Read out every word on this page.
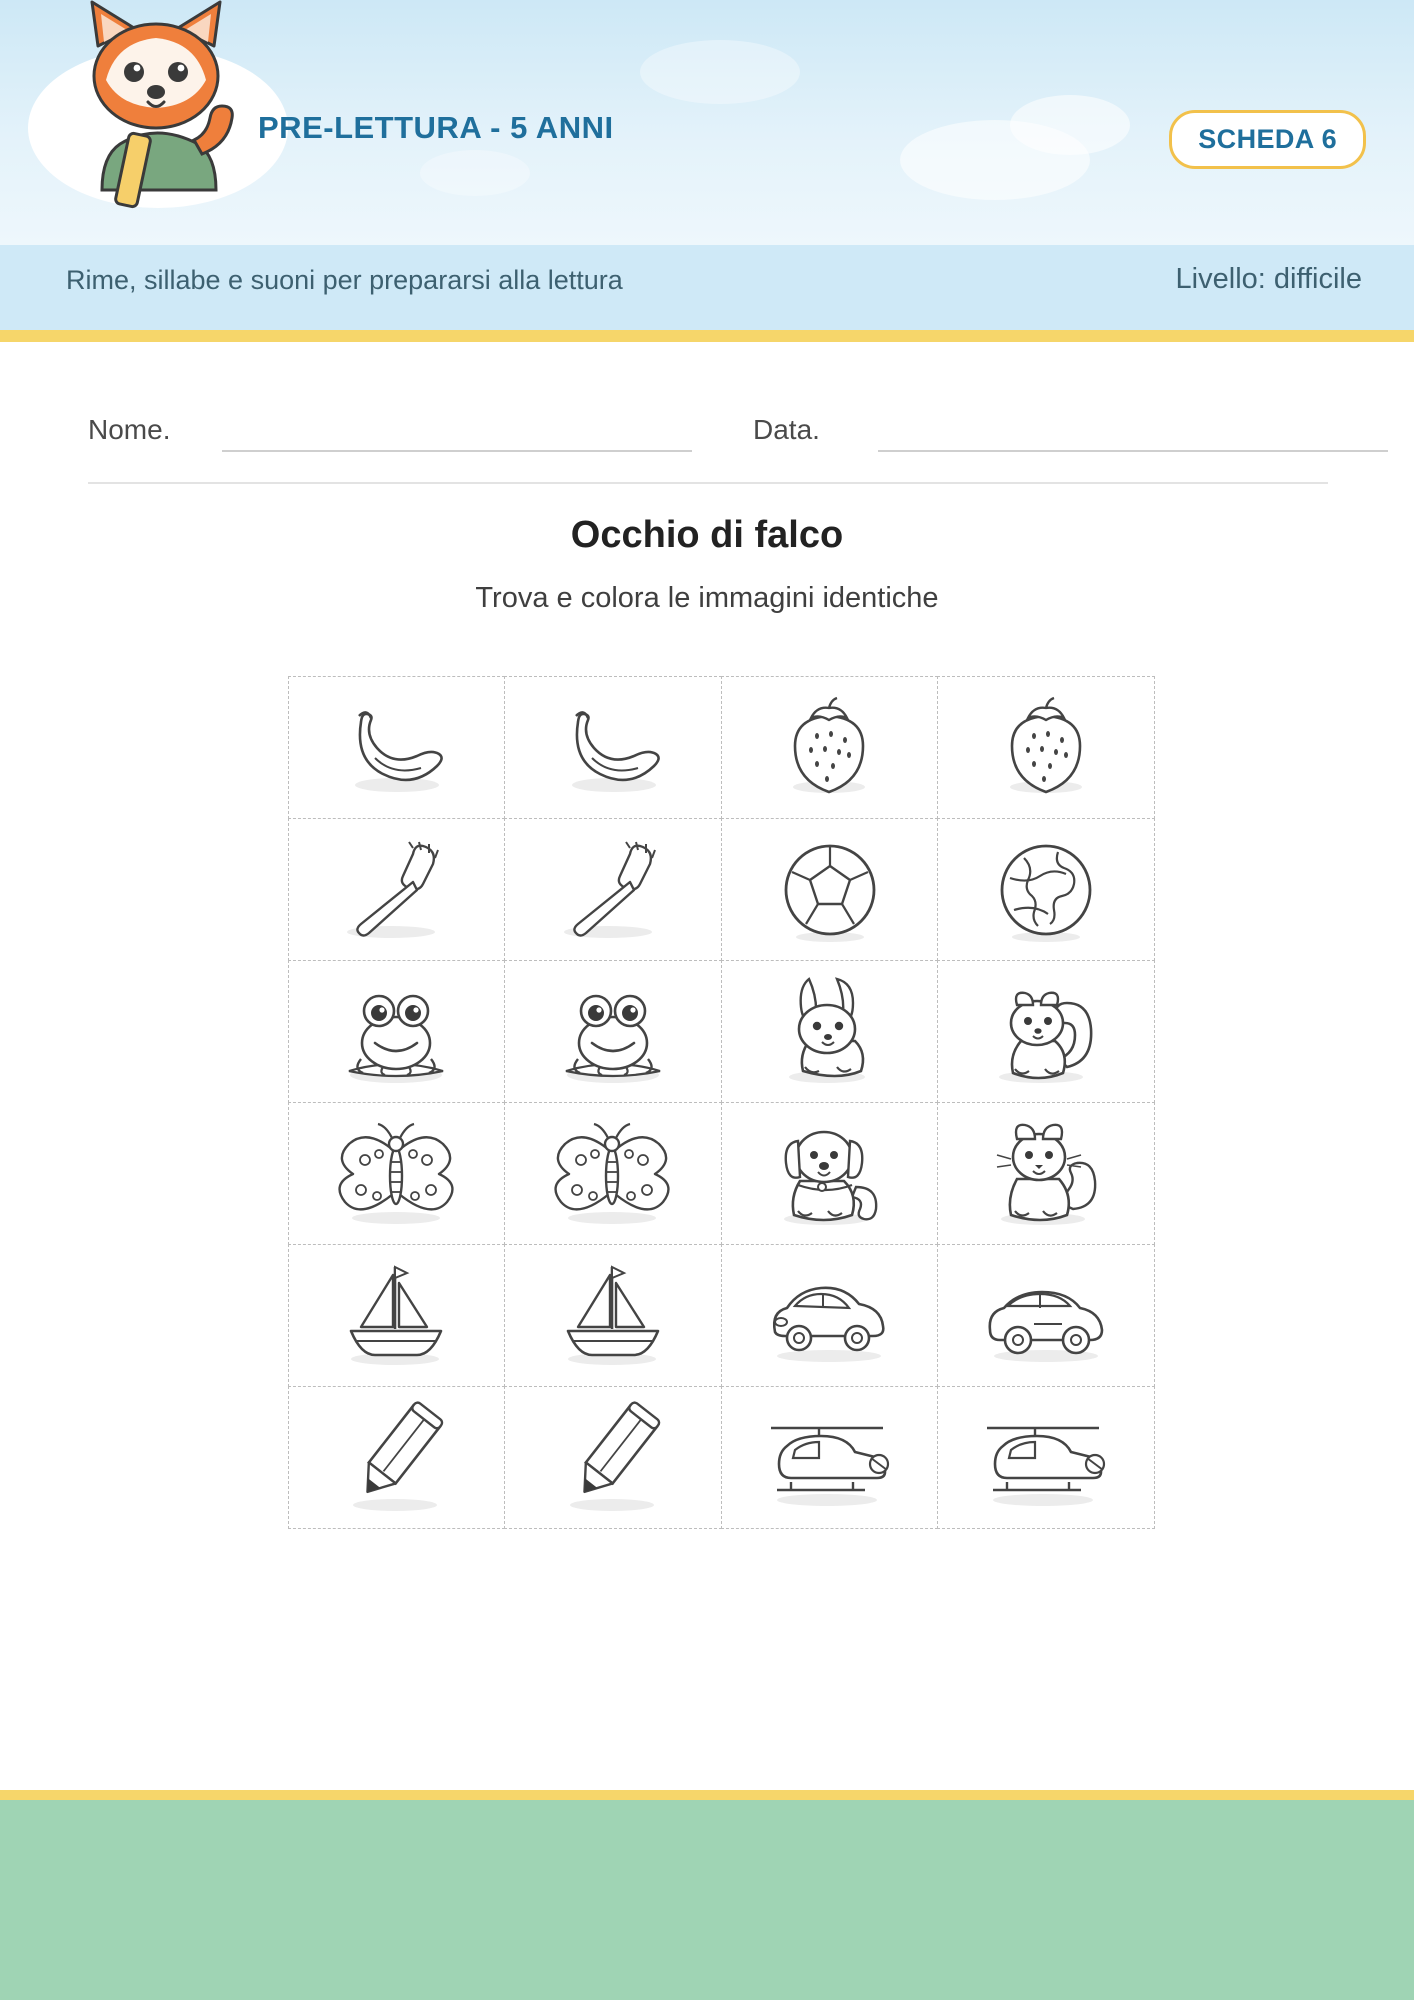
PRE-LETTURA - 5 ANNI	SCHEDA 6
Rime, sillabe e suoni per prepararsi alla lettura	Livello: difficile
Nome.	Data.
Occhio di falco
Trova e colora le immagini identiche
